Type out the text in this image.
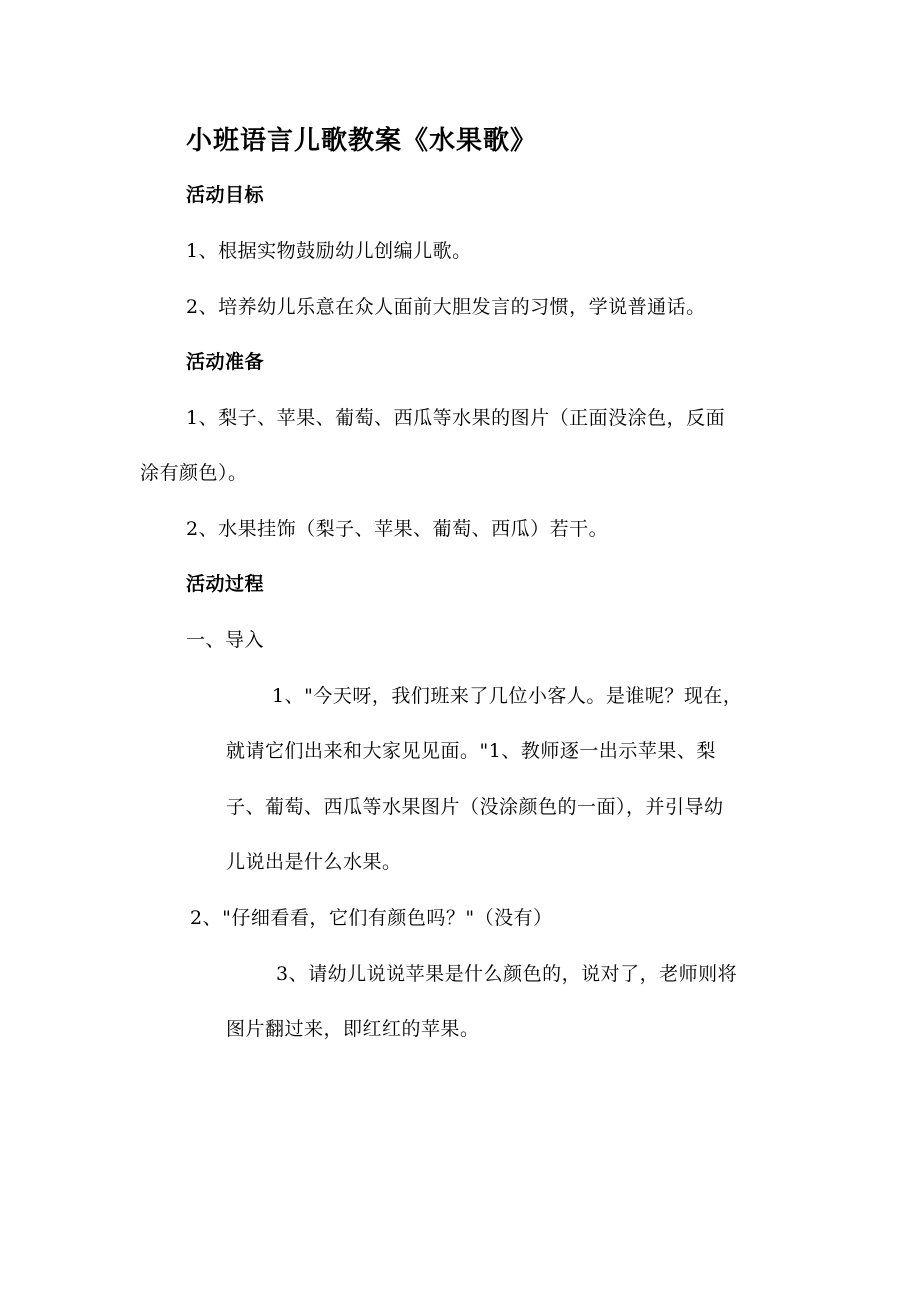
小班语言儿歌教案《水果歌》
活动目标
1、根据实物鼓励幼儿创编儿歌。
2、培养幼儿乐意在众人面前大胆发言的习惯，学说普通话。
活动准备
1、梨子、苹果、葡萄、西瓜等水果的图片（正面没涂色，反面
涂有颜色）。
2、水果挂饰（梨子、苹果、葡萄、西瓜）若干。
活动过程
一、导入
1、"今天呀，我们班来了几位小客人。是谁呢？现在，
就请它们出来和大家见见面。"1、教师逐一出示苹果、梨
子、葡萄、西瓜等水果图片（没涂颜色的一面），并引导幼
儿说出是什么水果。
2、"仔细看看，它们有颜色吗？"（没有）
3、请幼儿说说苹果是什么颜色的，说对了，老师则将
图片翻过来，即红红的苹果。
